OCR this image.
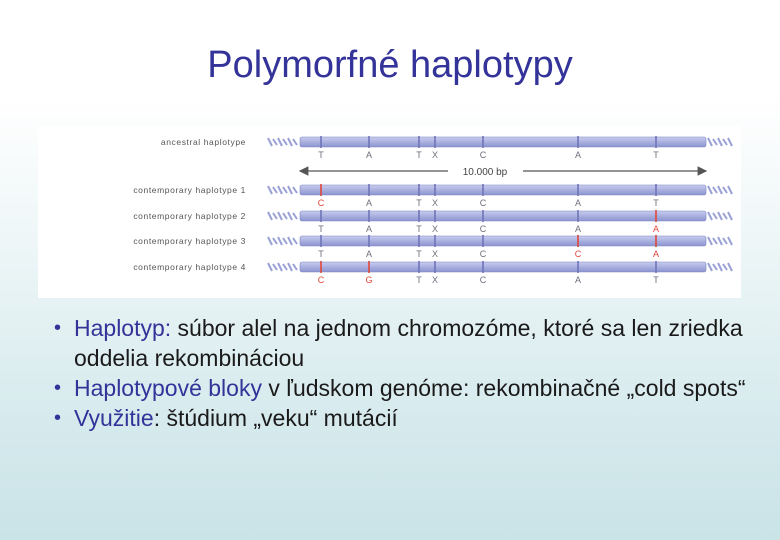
Polymorfné haplotypy
ancestral haplotype
T	A	T X	C	A	T
contemporary haplotype 1
C	A	T X	C	A	T
contemporary haplotype 2
T	A	T X	C	A	A
contemporary haplotype 3
T	A	T X	C	C	A
contemporary haplotype 4
C	G	T X	C	A	T
10.000 bp
• Haplotyp: súbor alel na jednom chromozóme, ktoré sa len zriedka oddelia rekombináciou
• Haplotypové bloky v ľudskom genóme: rekombinačné „cold spots“
• Využitie: štúdium „veku“ mutácií
